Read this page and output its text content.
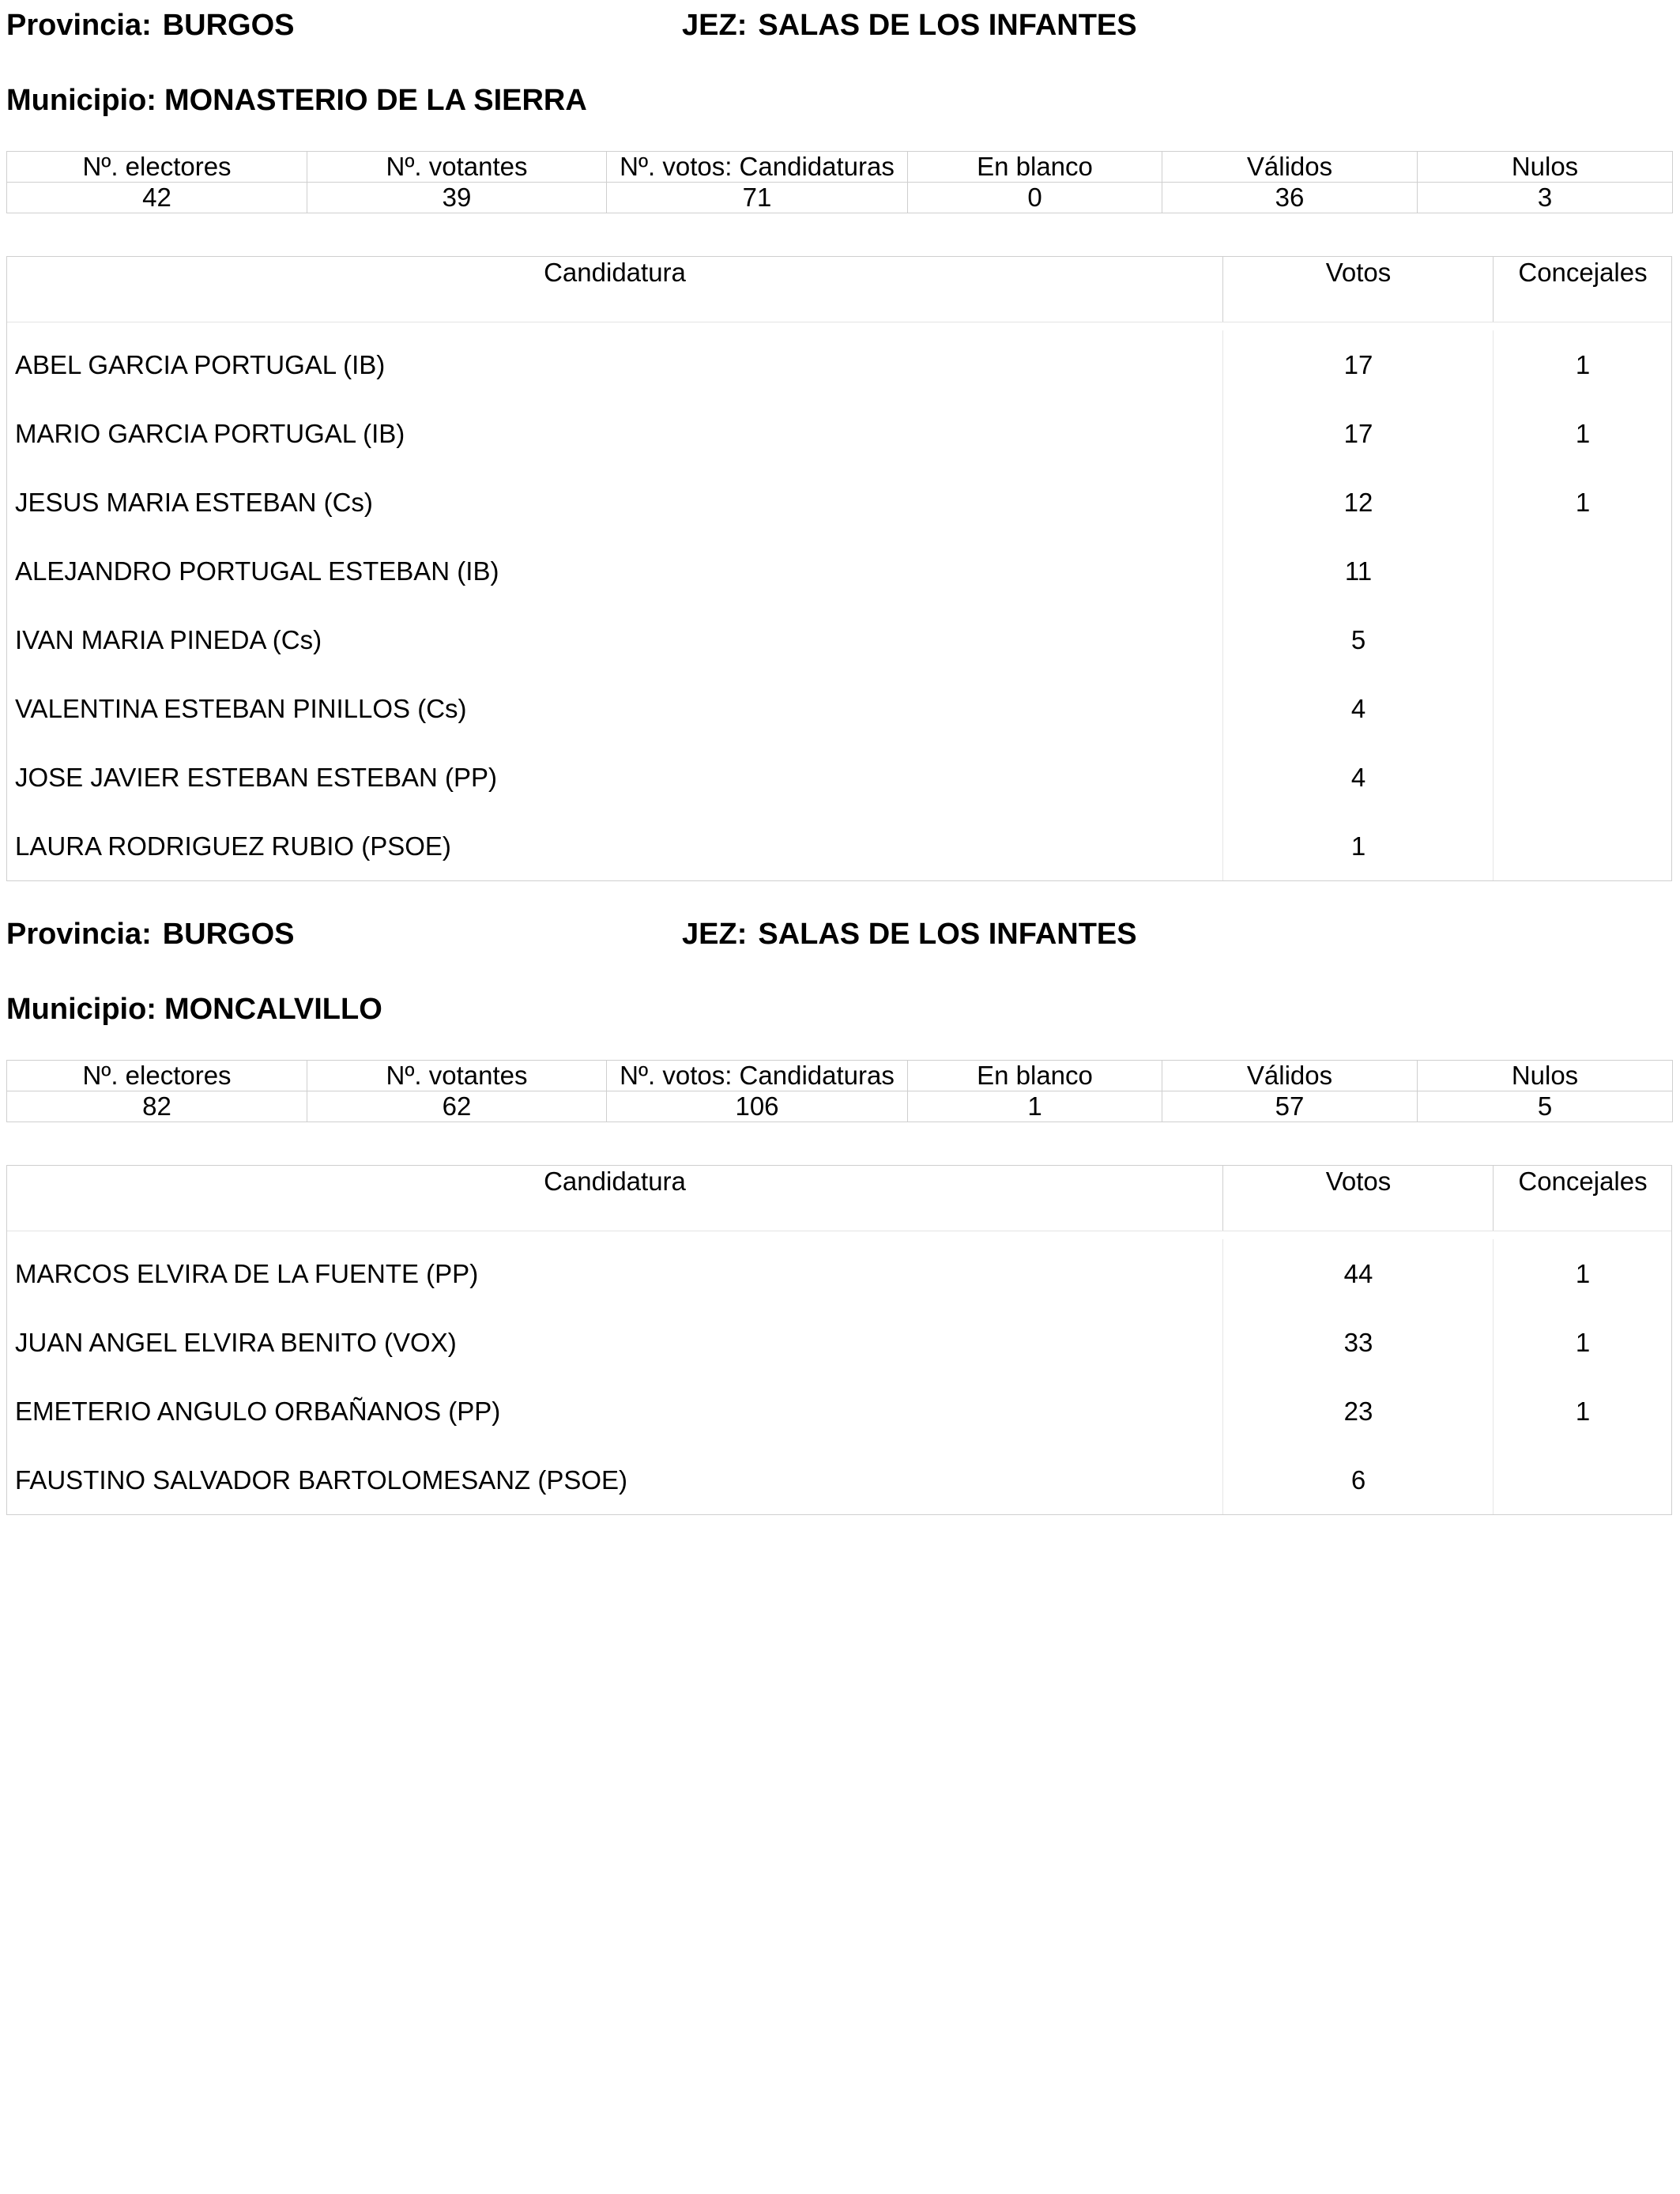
Provincia: BURGOS	JEZ: SALAS DE LOS INFANTES
Municipio: MONASTERIO DE LA SIERRA
Nº. electores	Nº. votantes	Nº. votos: Candidaturas	En blanco	Válidos	Nulos
42	39	71	0	36	3
Candidatura	Votos	Concejales
ABEL GARCIA PORTUGAL (IB)	17	1
MARIO GARCIA PORTUGAL (IB)	17	1
JESUS MARIA ESTEBAN (Cs)	12	1
ALEJANDRO PORTUGAL ESTEBAN (IB)	11
IVAN MARIA PINEDA (Cs)	5
VALENTINA ESTEBAN PINILLOS (Cs)	4
JOSE JAVIER ESTEBAN ESTEBAN (PP)	4
LAURA RODRIGUEZ RUBIO (PSOE)	1
Provincia: BURGOS	JEZ: SALAS DE LOS INFANTES
Municipio: MONCALVILLO
Nº. electores	Nº. votantes	Nº. votos: Candidaturas	En blanco	Válidos	Nulos
82	62	106	1	57	5
Candidatura	Votos	Concejales
MARCOS ELVIRA DE LA FUENTE (PP)	44	1
JUAN ANGEL ELVIRA BENITO (VOX)	33	1
EMETERIO ANGULO ORBAÑANOS (PP)	23	1
FAUSTINO SALVADOR BARTOLOMESANZ (PSOE)	6
